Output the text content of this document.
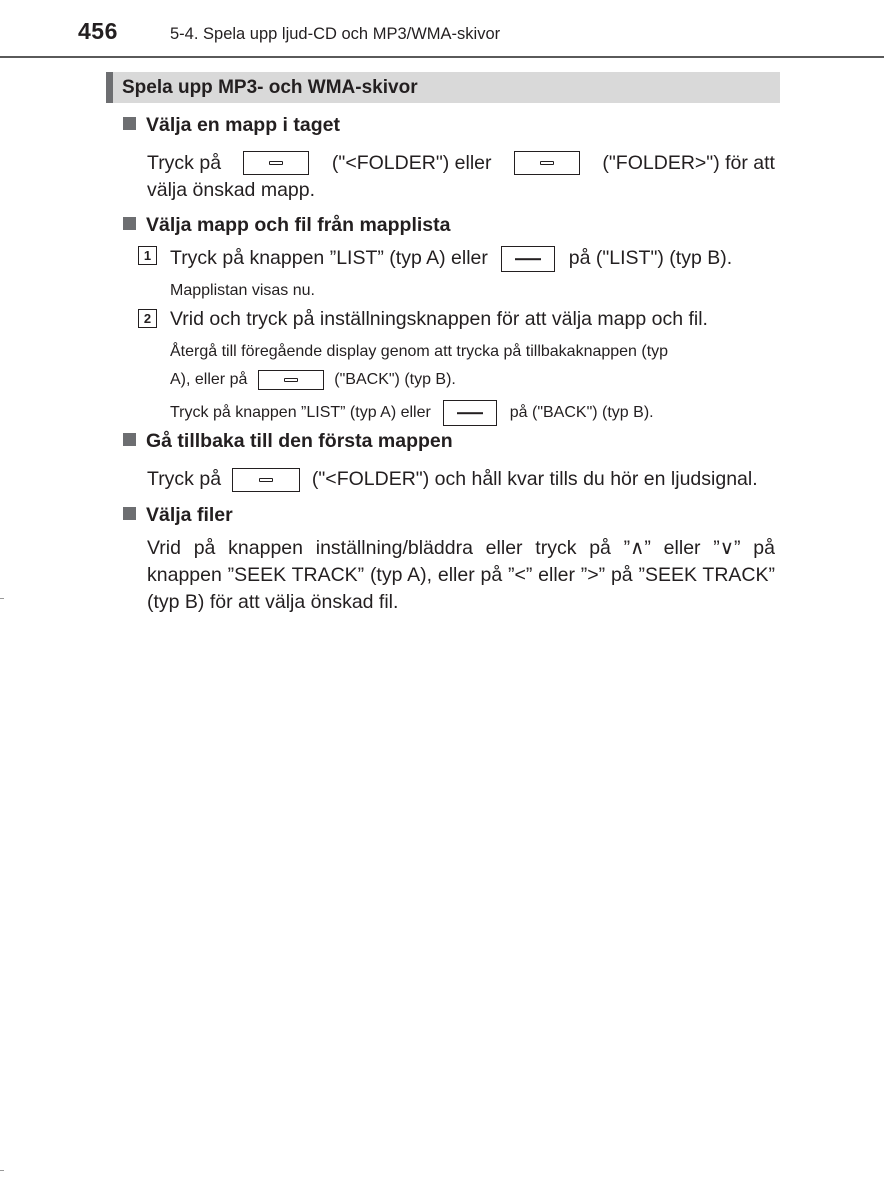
456	5-4. Spela upp ljud-CD och MP3/WMA-skivor
Spela upp MP3- och WMA-skivor
Välja en mapp i taget
Tryck på	("<FOLDER") eller	("FOLDER>") för att
välja önskad mapp.
Välja mapp och fil från mapplista
1 Tryck på knappen ”LIST” (typ A) eller	på ("LIST") (typ B).
Mapplistan visas nu.
2 Vrid och tryck på inställningsknappen för att välja mapp och fil.
Återgå till föregående display genom att trycka på tillbakaknappen (typ
A), eller på	("BACK") (typ B).
Tryck på knappen ”LIST” (typ A) eller	på ("BACK") (typ B).
Gå tillbaka till den första mappen
Tryck på	("<FOLDER") och håll kvar tills du hör en ljudsignal.
Välja filer
Vrid på knappen inställning/bläddra eller tryck på ”∧” eller ”∨” på knappen ”SEEK TRACK” (typ A), eller på ”<” eller ”>” på ”SEEK TRACK” (typ B) för att välja önskad fil.
